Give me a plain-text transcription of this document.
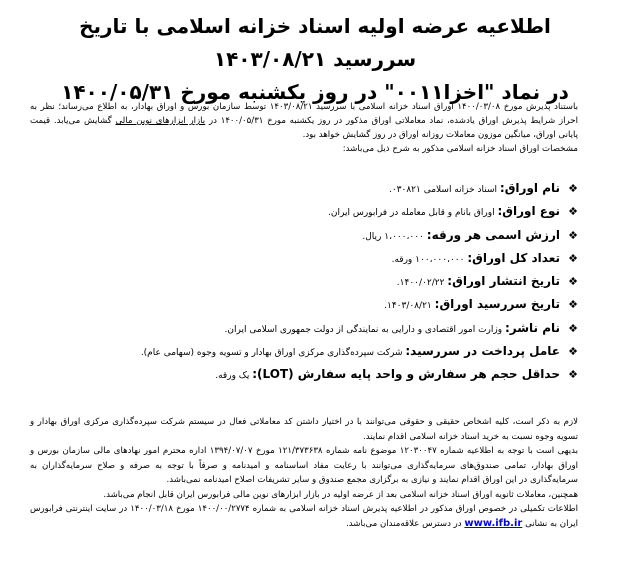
اطلاعیه عرضه اولیه اسناد خزانه اسلامی با تاریخ سررسید ۱۴۰۳/۰۸/۲۱
در نماد "اخزا۰۰۱۱" در روز یکشنبه مورخ ۱۴۰۰/۰۵/۳۱

باستناد پذیرش مورخ ۱۴۰۰/۰۳/۰۸ اوراق اسناد خزانه اسلامی با سررسید ۱۴۰۳/۰۸/۲۱ توسط سازمان بورس و اوراق بهادار، به اطلاع می‌رساند؛ نظر به احراز شرایط پذیرش اوراق یادشده، نماد معاملاتی اوراق مذکور در روز یکشنبه مورخ ۱۴۰۰/۰۵/۳۱ در بازار ابزارهای نوین مالی گشایش می‌یابد. قیمت پایانی اوراق، میانگین موزون معاملات روزانه اوراق در روز گشایش خواهد بود.

مشخصات اوراق اسناد خزانه اسلامی مذکور به شرح ذیل می‌باشد:

❖
نام اوراق: اسناد خزانه اسلامی ۰۳۰۸۲۱.
❖
نوع اوراق: اوراق بانام و قابل معامله در فرابورس ایران.
❖
ارزش اسمی هر ورقه: ۱،۰۰۰،۰۰۰ ریال.
❖
تعداد کل اوراق: ۱۰۰،۰۰۰،۰۰۰ ورقه.
❖
تاریخ انتشار اوراق: ۱۴۰۰/۰۲/۲۲.
❖
تاریخ سررسید اوراق: ۱۴۰۳/۰۸/۲۱.
❖
نام ناشر: وزارت امور اقتصادی و دارایی به نمایندگی از دولت جمهوری اسلامی ایران.
❖
عامل پرداخت در سررسید: شرکت سپرده‌گذاری مرکزی اوراق بهادار و تسویه وجوه (سهامی عام).
❖
حداقل حجم هر سفارش و واحد پایه سفارش (LOT): یک ورقه.

لازم به ذکر است، کلیه اشخاص حقیقی و حقوقی می‌توانند با در اختیار داشتن کد معاملاتی فعال در سیستم شرکت سپرده‌گذاری مرکزی اوراق بهادار و تسویه وجوه نسبت به خرید اسناد خزانه اسلامی اقدام نمایند.

بدیهی است با توجه به اطلاعیه شماره ۱۲۰۳۰۰۴۷ موضوع نامه شماره ۱۲۱/۳۷۳۶۳۸ مورخ ۱۳۹۴/۰۷/۰۷ اداره محترم امور نهادهای مالی سازمان بورس و اوراق بهادار، تمامی صندوق‌های سرمایه‌گذاری می‌توانند با رعایت مفاد اساسنامه و امیدنامه و صرفاً با توجه به صرفه و صلاح سرمایه‌گذاران به سرمایه‌گذاری در این اوراق اقدام نمایند و نیازی به برگزاری مجمع صندوق و سایر تشریفات اصلاح امیدنامه نمی‌باشد.

همچنین، معاملات ثانویه اوراق اسناد خزانه اسلامی بعد از عرضه اولیه در بازار ابزارهای نوین مالی فرابورس ایران قابل انجام می‌باشد.

اطلاعات تکمیلی در خصوص اوراق مذکور در اطلاعیه پذیرش اسناد خزانه اسلامی به شماره ۱۴۰۰/۰۰/۲۷۷۴ مورخ ۱۴۰۰/۰۳/۱۸ در سایت اینترنتی فرابورس ایران به نشانی www.ifb.ir در دسترس علاقه‌مندان می‌باشد.
